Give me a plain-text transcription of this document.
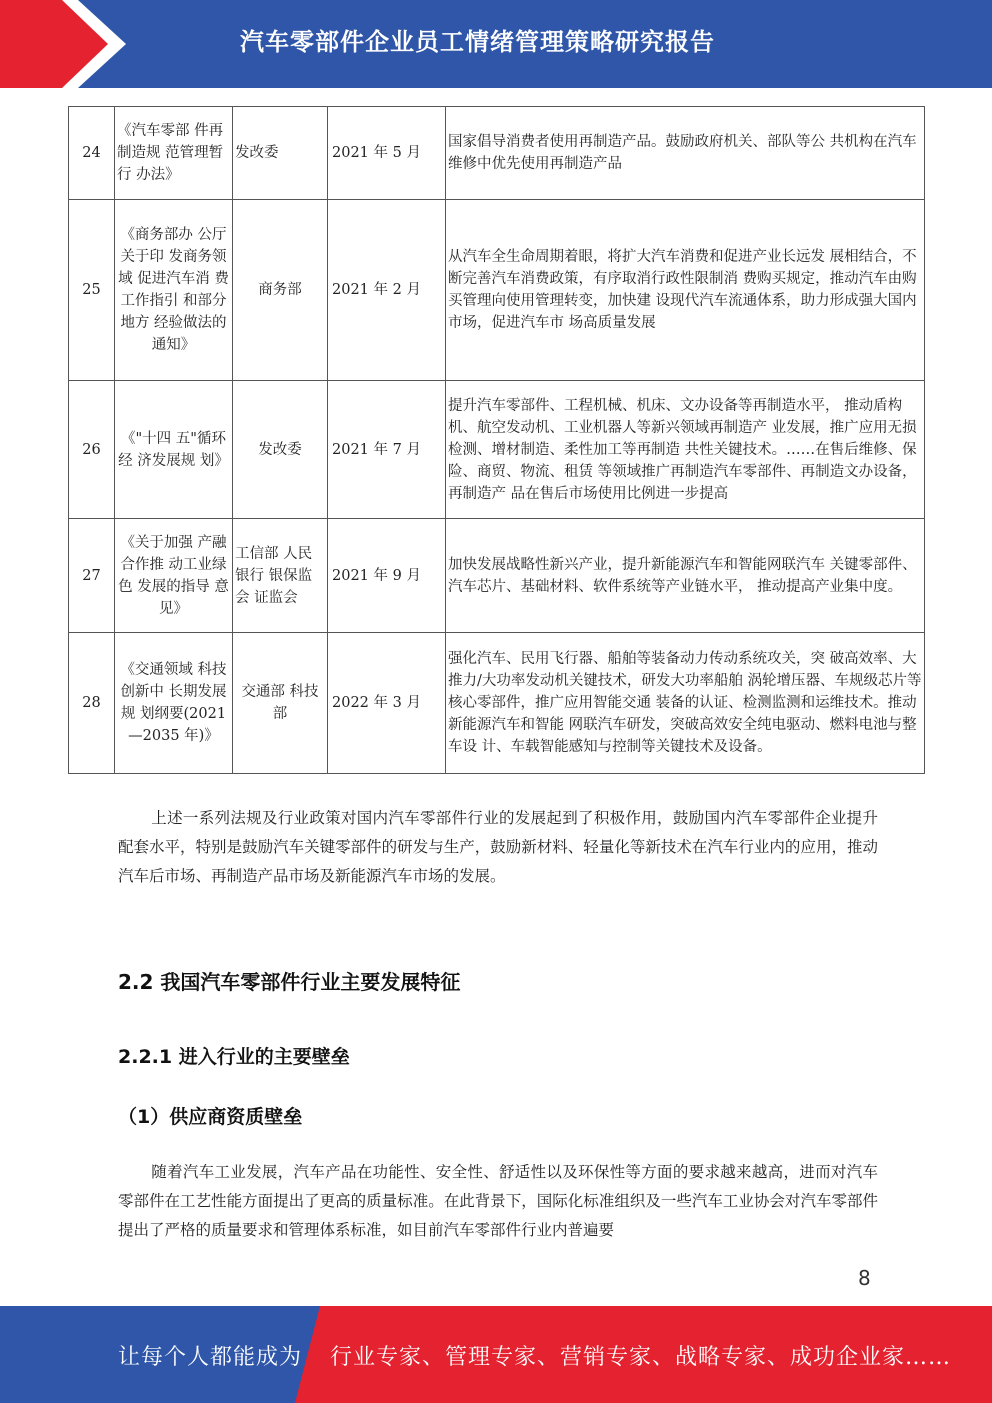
汽车零部件企业员工情绪管理策略研究报告
24	《汽车零部 件再制造规 范管理暂行 办法》	发改委	2021 年 5 月	国家倡导消费者使用再制造产品。鼓励政府机关、部队等公 共机构在汽车维修中优先使用再制造产品
25	《商务部办 公厅关于印 发商务领域 促进汽车消 费工作指引 和部分地方 经验做法的 通知》	商务部	2021 年 2 月	从汽车全生命周期着眼，将扩大汽车消费和促进产业长远发 展相结合，不断完善汽车消费政策，有序取消行政性限制消 费购买规定，推动汽车由购买管理向使用管理转变，加快建 设现代汽车流通体系，助力形成强大国内市场，促进汽车市 场高质量发展
26	《"十四 五"循环经 济发展规 划》	发改委	2021 年 7 月	提升汽车零部件、工程机械、机床、文办设备等再制造水平， 推动盾构机、航空发动机、工业机器人等新兴领域再制造产 业发展，推广应用无损检测、增材制造、柔性加工等再制造 共性关键技术。……在售后维修、保险、商贸、物流、租赁 等领域推广再制造汽车零部件、再制造文办设备，再制造产 品在售后市场使用比例进一步提高
27	《关于加强 产融合作推 动工业绿色 发展的指导 意见》	工信部 人民银行 银保监会 证监会	2021 年 9 月	加快发展战略性新兴产业，提升新能源汽车和智能网联汽车 关键零部件、汽车芯片、基础材料、软件系统等产业链水平， 推动提高产业集中度。
28	《交通领域 科技创新中 长期发展规 划纲要(2021—2035 年)》	交通部 科技部	2022 年 3 月	强化汽车、民用飞行器、船舶等装备动力传动系统攻关，突 破高效率、大推力/大功率发动机关键技术，研发大功率船舶 涡轮增压器、车规级芯片等核心零部件，推广应用智能交通 装备的认证、检测监测和运维技术。推动新能源汽车和智能 网联汽车研发，突破高效安全纯电驱动、燃料电池与整车设 计、车载智能感知与控制等关键技术及设备。
上述一系列法规及行业政策对国内汽车零部件行业的发展起到了积极作用，鼓励国内汽车零部件企业提升配套水平，特别是鼓励汽车关键零部件的研发与生产，鼓励新材料、轻量化等新技术在汽车行业内的应用，推动汽车后市场、再制造产品市场及新能源汽车市场的发展。
2.2 我国汽车零部件行业主要发展特征
2.2.1 进入行业的主要壁垒
（1）供应商资质壁垒
随着汽车工业发展，汽车产品在功能性、安全性、舒适性以及环保性等方面的要求越来越高，进而对汽车零部件在工艺性能方面提出了更高的质量标准。在此背景下，国际化标准组织及一些汽车工业协会对汽车零部件提出了严格的质量要求和管理体系标准，如目前汽车零部件行业内普遍要
8
让每个人都能成为 行业专家、管理专家、营销专家、战略专家、成功企业家……
